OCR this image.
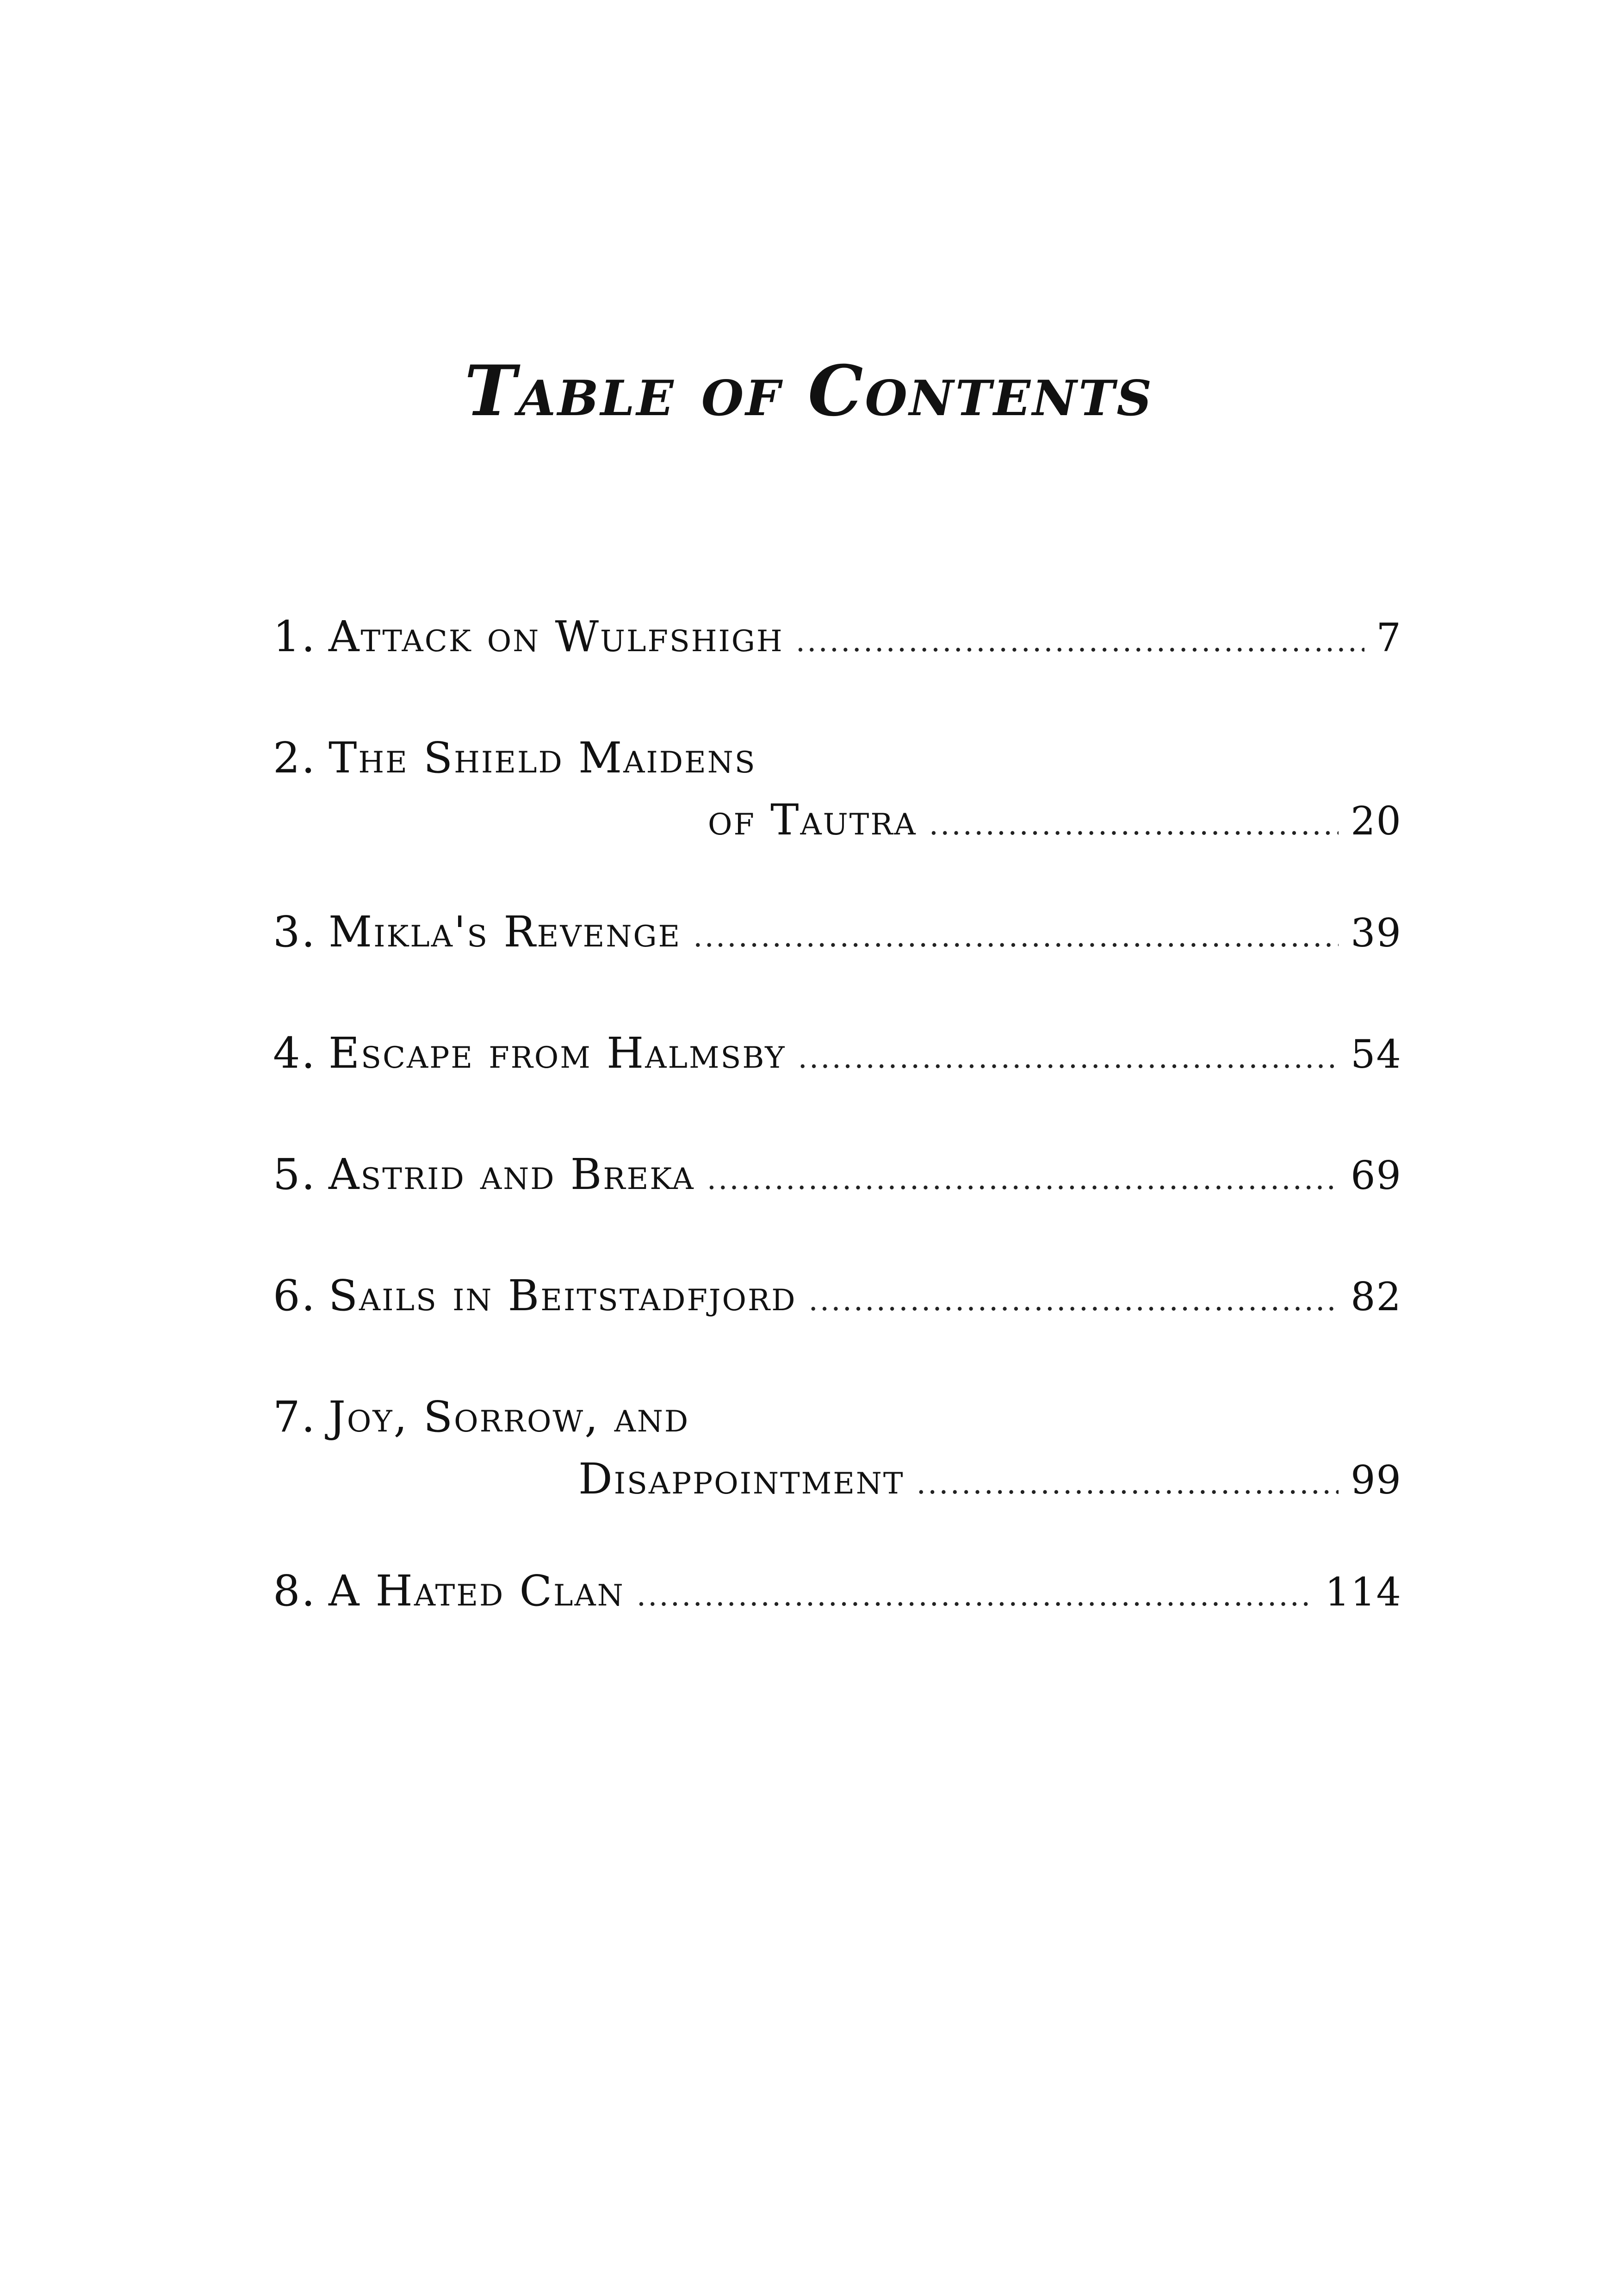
Table of Contents
1. Attack on Wulfshigh .....	7
2. The Shield Maidens
of Tautra .....	20
3. Mikla's Revenge .....	39
4. Escape from Halmsby .....	54
5. Astrid and Breka .....	69
6. Sails in Beitstadfjord .....	82
7. Joy, Sorrow, and
Disappointment .....	99
8. A Hated Clan .....	114
